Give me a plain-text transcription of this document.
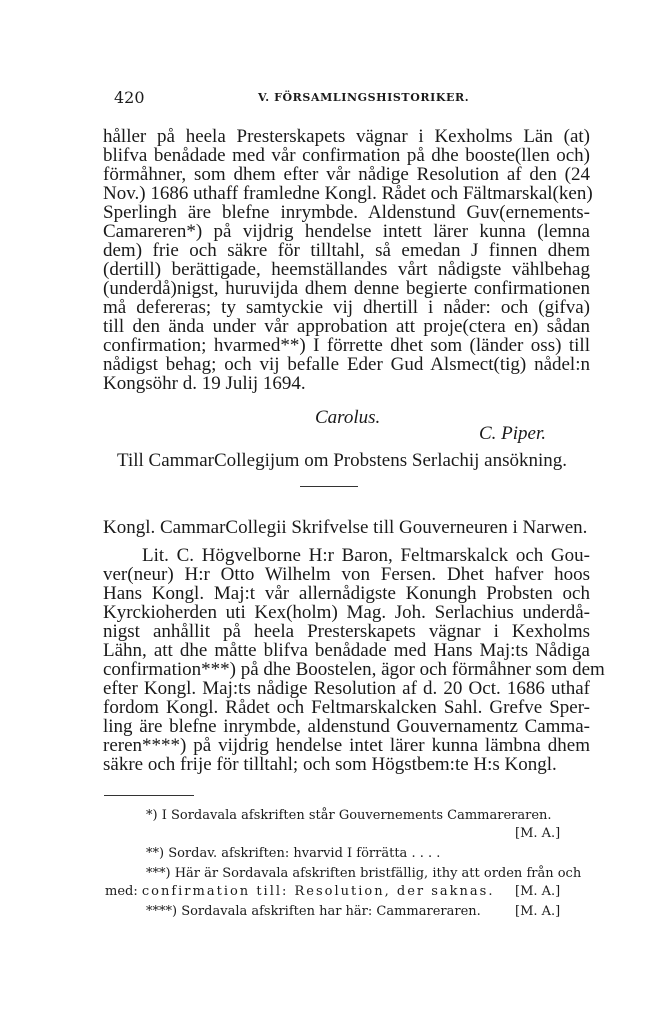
420	V. FÖRSAMLINGSHISTORIKER.
håller på heela Presterskapets vägnar i Kexholms Län (at)
blifva benådade med vår confirmation på dhe booste(llen och)
förmåhner, som dhem efter vår nådige Resolution af den (24
Nov.) 1686 uthaff framledne Kongl. Rådet och Fältmarskal(ken)
Sperlingh äre blefne inrymbde. Aldenstund Guv(ernements-
Camareren*) på vijdrig hendelse intett lärer kunna (lemna
dem) frie och säkre för tilltahl, så emedan J finnen dhem
(dertill) berättigade, heemställandes vårt nådigste vählbehag
(underdå)nigst, huruvijda dhem denne begierte confirmationen
må defereras; ty samtyckie vij dhertill i nåder: och (gifva)
till den ända under vår approbation att proje(ctera en) sådan
confirmation; hvarmed**) I förrette dhet som (länder oss) till
nådigst behag; och vij befalle Eder Gud Alsmect(tig) nådel:n
Kongsöhr d. 19 Julij 1694.
Carolus.
C. Piper.
Till CammarCollegijum om Probstens Serlachij ansökning.
Kongl. CammarCollegii Skrifvelse till Gouverneuren i Narwen.
Lit. C. Högvelborne H:r Baron, Feltmarskalck och Gou-
ver(neur) H:r Otto Wilhelm von Fersen. Dhet hafver hoos
Hans Kongl. Maj:t vår allernådigste Konungh Probsten och
Kyrckioherden uti Kex(holm) Mag. Joh. Serlachius underdå-
nigst anhållit på heela Presterskapets vägnar i Kexholms
Lähn, att dhe måtte blifva benådade med Hans Maj:ts Nådiga
confirmation***) på dhe Boostelen, ägor och förmåhner som dem
efter Kongl. Maj:ts nådige Resolution af d. 20 Oct. 1686 uthaf
fordom Kongl. Rådet och Feltmarskalcken Sahl. Grefve Sper-
ling äre blefne inrymbde, aldenstund Gouvernamentz Camma-
reren****) på vijdrig hendelse intet lärer kunna lämbna dhem
säkre och frije för tilltahl; och som Högstbem:te H:s Kongl.
*) I Sordavala afskriften står Gouvernements Cammareraren.
[M. A.]
**) Sordav. afskriften: hvarvid I förrätta . . . .
***) Här är Sordavala afskriften bristfällig, ithy att orden från och
med: confirmation till: Resolution, der saknas. [M. A.]
****) Sordavala afskriften har här: Cammareraren.	[M. A.]
